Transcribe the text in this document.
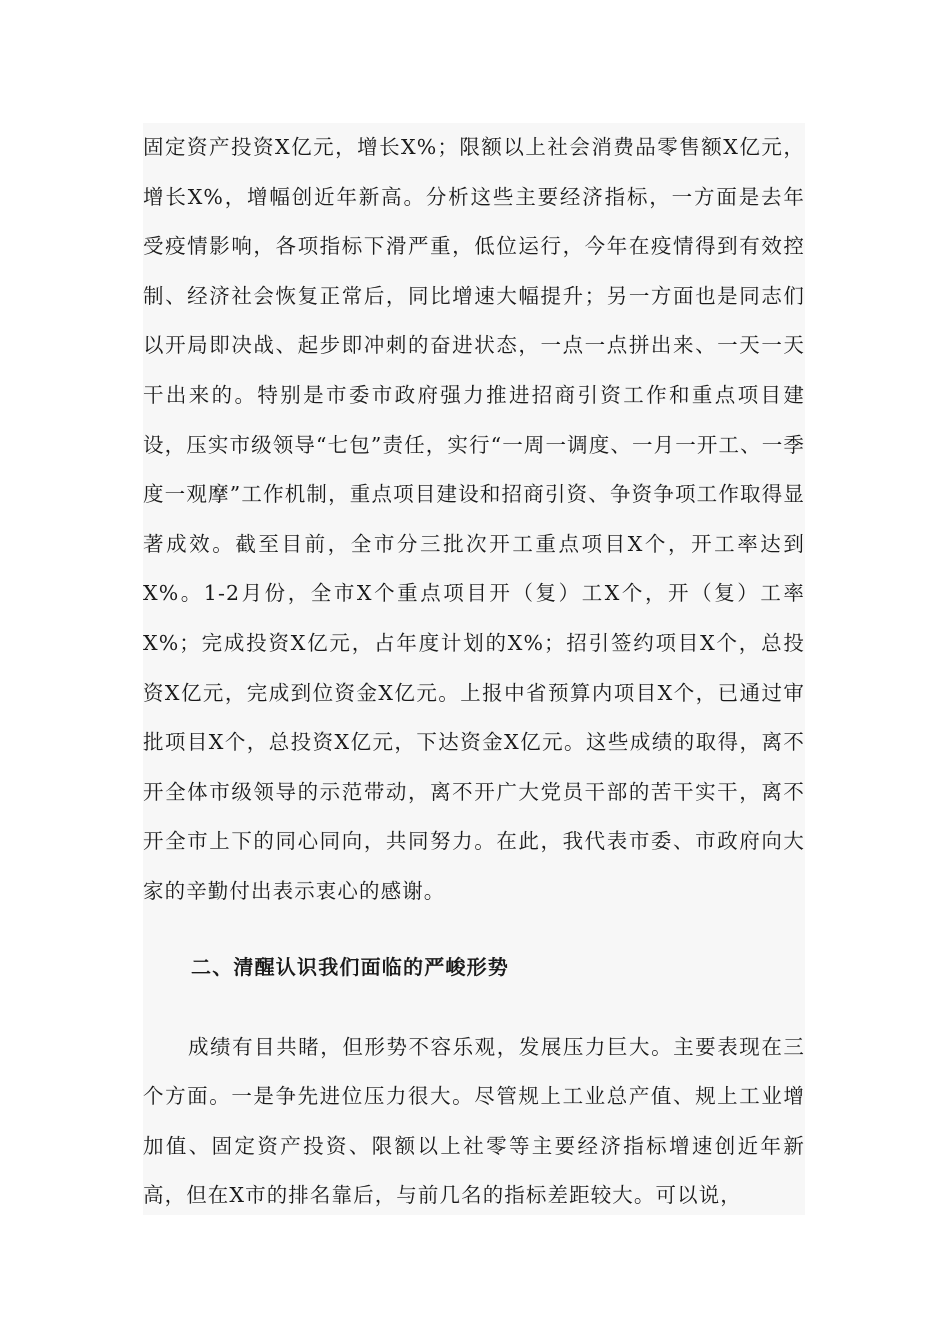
固定资产投资X亿元，增长X%；限额以上社会消费品零售额X亿元，增长X%，增幅创近年新高。分析这些主要经济指标，一方面是去年受疫情影响，各项指标下滑严重，低位运行，今年在疫情得到有效控制、经济社会恢复正常后，同比增速大幅提升；另一方面也是同志们以开局即决战、起步即冲刺的奋进状态，一点一点拼出来、一天一天干出来的。特别是市委市政府强力推进招商引资工作和重点项目建设，压实市级领导“七包”责任，实行“一周一调度、一月一开工、一季度一观摩”工作机制，重点项目建设和招商引资、争资争项工作取得显著成效。截至目前，全市分三批次开工重点项目X个，开工率达到X%。1-2月份，全市X个重点项目开（复）工X个，开（复）工率X%；完成投资X亿元，占年度计划的X%；招引签约项目X个，总投资X亿元，完成到位资金X亿元。上报中省预算内项目X个，已通过审批项目X个，总投资X亿元，下达资金X亿元。这些成绩的取得，离不开全体市级领导的示范带动，离不开广大党员干部的苦干实干，离不开全市上下的同心同向，共同努力。在此，我代表市委、市政府向大家的辛勤付出表示衷心的感谢。

二、清醒认识我们面临的严峻形势

成绩有目共睹，但形势不容乐观，发展压力巨大。主要表现在三个方面。一是争先进位压力很大。尽管规上工业总产值、规上工业增加值、固定资产投资、限额以上社零等主要经济指标增速创近年新高，但在X市的排名靠后，与前几名的指标差距较大。可以说，
